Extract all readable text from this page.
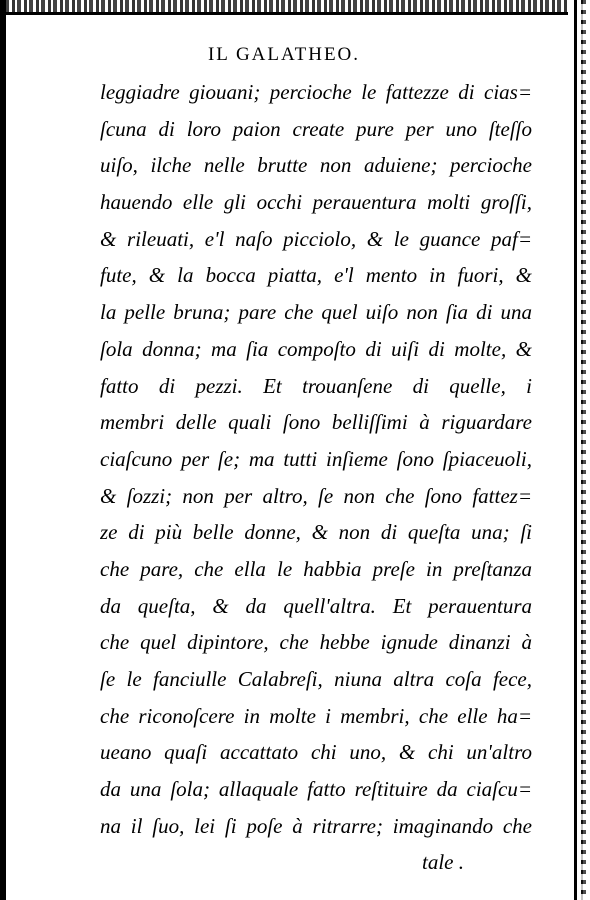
IL GALATHEO.
leggiadre giouani; percioche le fattezze di cias=
ſcuna di loro paion create pure per uno ſteſſo
uiſo, ilche nelle brutte non aduiene; percioche
hauendo elle gli occhi perauentura molti groſſi,
& rileuati, e'l naſo picciolo, & le guance paf=
fute, & la bocca piatta, e'l mento in fuori, &
la pelle bruna; pare che quel uiſo non ſia di una
ſola donna; ma ſia compoſto di uiſi di molte, &
fatto di pezzi. Et trouanſene di quelle, i
membri delle quali ſono belliſſimi à riguardare
ciaſcuno per ſe; ma tutti inſieme ſono ſpiaceuoli,
& ſozzi; non per altro, ſe non che ſono fattez=
ze di più belle donne, & non di queſta una; ſi
che pare, che ella le habbia preſe in preſtanza
da queſta, & da quell'altra. Et perauentura
che quel dipintore, che hebbe ignude dinanzi à
ſe le fanciulle Calabreſi, niuna altra coſa fece,
che riconoſcere in molte i membri, che elle ha=
ueano quaſi accattato chi uno, & chi un'altro
da una ſola; allaquale fatto reſtituire da ciaſcu=
na il ſuo, lei ſi poſe à ritrarre; imaginando che
tale .
